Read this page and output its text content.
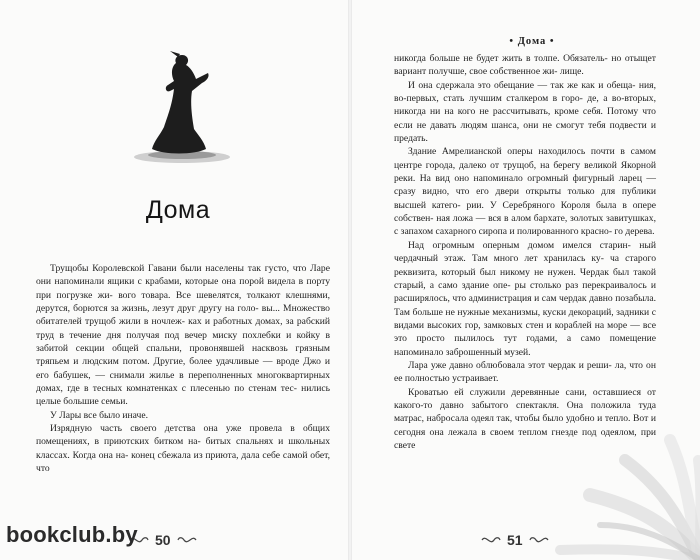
Дома

Трущобы Королевской Гавани были населены так густо, что Ларе они напоминали ящики с крабами, которые она порой видела в порту при погрузке жи- вого товара. Все шевелятся, толкают клешнями, дерутся, борются за жизнь, лезут друг другу на голо- вы... Множество обитателей трущоб жили в ночлеж- ках и работных домах, за рабский труд в течение дня получая под вечер миску похлебки и койку в забитой секции общей спальни, провонявшей насквозь грязным тряпьем и людским потом. Другие, более удачливые — вроде Джо и его бабушек, — снимали жилье в переполненных многоквартирных домах, где в тесных комнатенках с плесенью по стенам тес- нились целые большие семьи.

У Лары все было иначе.

Изрядную часть своего детства она уже провела в общих помещениях, в приютских битком на- битых спальнях и школьных классах. Когда она на- конец сбежала из приюта, дала себе самой обет, что

50
• Дома •

никогда больше не будет жить в толпе. Обязатель- но отыщет вариант получше, свое собственное жи- лище.

И она сдержала это обещание — так же как и обеща- ния, во-первых, стать лучшим сталкером в горо- де, а во-вторых, никогда ни на кого не рассчитывать, кроме себя. Потому что если не давать людям шанса, они не смогут тебя подвести и предать.

Здание Амрелианской оперы находилось почти в самом центре города, далеко от трущоб, на берегу великой Якорной реки. На вид оно напоминало огромный фигурный ларец — сразу видно, что его двери открыты только для публики высшей катего- рии. У Серебряного Короля была в опере собствен- ная ложа — вся в алом бархате, золотых завитушках, с запахом сахарного сиропа и полированного красно- го дерева.

Над огромным оперным домом имелся старин- ный чердачный этаж. Там много лет хранилась ку- ча старого реквизита, который был никому не нужен. Чердак был такой старый, а само здание опе- ры столько раз перекраивалось и расширялось, что администрация и сам чердак давно позабыла. Там больше не нужные механизмы, куски декораций, задники с видами высоких гор, замковых стен и кораблей на море — все это просто пылилось тут годами, а само помещение напоминало заброшенный музей.

Лара уже давно облюбовала этот чердак и реши- ла, что он ее полностью устраивает.

Кроватью ей служили деревянные сани, оставшиеся от какого-то давно забытого спектакля. Она положила туда матрас, набросала одеял так, чтобы было удобно и тепло. Вот и сегодня она лежала в своем теплом гнезде под одеялом, при свете

51
bookclub.by
